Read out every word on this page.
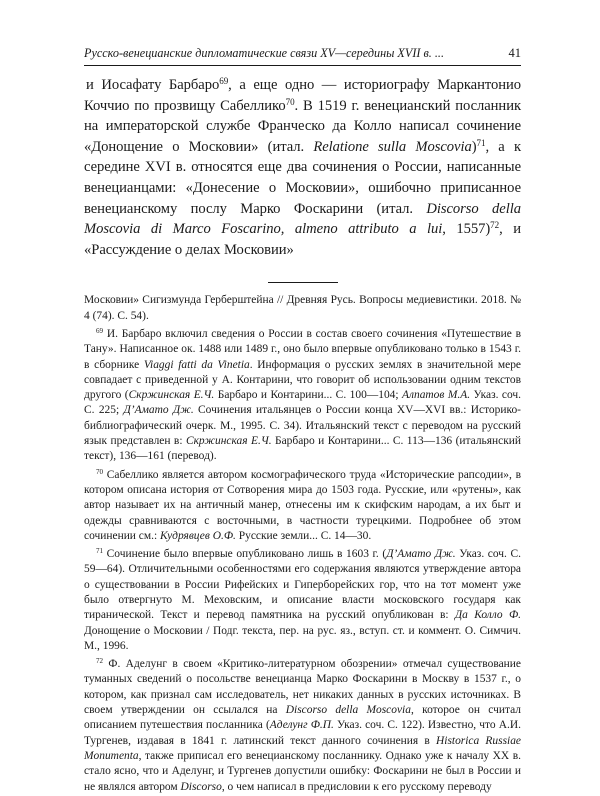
Русско-венецианские дипломатические связи XV—середины XVII в. ...	41
и Иосафату Барбаро$^{69}$, а еще одно — историографу Маркантонио Коччио по прозвищу Сабеллико$^{70}$. В 1519 г. венецианский посланник на императорской службе Франческо да Колло написал сочинение «Донощение о Московии» (итал. Relatione sulla Moscovia)$^{71}$, а к середине XVI в. относятся еще два сочинения о России, написанные венецианцами: «Донесение о Московии», ошибочно приписанное венецианскому послу Марко Фоскарини (итал. Discorso della Moscovia di Marco Foscarino, almeno attributo a lui, 1557)$^{72}$, и «Рассуждение о делах Московии»

Московии» Сигизмунда Герберштейна // Древняя Русь. Вопросы медиевистики. 2018. № 4 (74). С. 54).

$^{69}$ И. Барбаро включил сведения о России в состав своего сочинения «Путешествие в Тану». Написанное ок. 1488 или 1489 г., оно было впервые опубликовано только в 1543 г. в сборнике Viaggi fatti da Vinetia. Информация о русских землях в значительной мере совпадает с приведенной у А. Контарини, что говорит об использовании одним текстов другого (Скржинская Е.Ч. Барбаро и Контарини... С. 100—104; Алпатов М.А. Указ. соч. С. 225; Д’Амато Дж. Сочинения итальянцев о России конца XV—XVI вв.: Историко-библиографический очерк. М., 1995. С. 34). Итальянский текст с переводом на русский язык представлен в: Скржинская Е.Ч. Барбаро и Контарини... С. 113—136 (итальянский текст), 136—161 (перевод).

$^{70}$ Сабеллико является автором космографического труда «Исторические рапсодии», в котором описана история от Сотворения мира до 1503 года. Русские, или «рутены», как автор называет их на античный манер, отнесены им к скифским народам, а их быт и одежды сравниваются с восточными, в частности турецкими. Подробнее об этом сочинении см.: Кудрявцев О.Ф. Русские земли... С. 14—30.

$^{71}$ Сочинение было впервые опубликовано лишь в 1603 г. (Д’Амато Дж. Указ. соч. С. 59—64). Отличительными особенностями его содержания являются утверждение автора о существовании в России Рифейских и Гиперборейских гор, что на тот момент уже было отвергнуто М. Меховским, и описание власти московского государя как тиранической. Текст и перевод памятника на русский опубликован в: Да Колло Ф. Донощение о Московии / Подг. текста, пер. на рус. яз., вступ. ст. и коммент. О. Симчич. М., 1996.

$^{72}$ Ф. Аделунг в своем «Критико-литературном обозрении» отмечал существование туманных сведений о посольстве венецианца Марко Фоскарини в Москву в 1537 г., о котором, как признал сам исследователь, нет никаких данных в русских источниках. В своем утверждении он ссылался на Discorso della Moscovia, которое он считал описанием путешествия посланника (Аделунг Ф.П. Указ. соч. С. 122). Известно, что А.И. Тургенев, издавая в 1841 г. латинский текст данного сочинения в Historica Russiae Monumenta, также приписал его венецианскому посланнику. Однако уже к началу XX в. стало ясно, что и Аделунг, и Тургенев допустили ошибку: Фоскарини не был в России и не являлся автором Discorso, о чем написал в предисловии к его русскому переводу
